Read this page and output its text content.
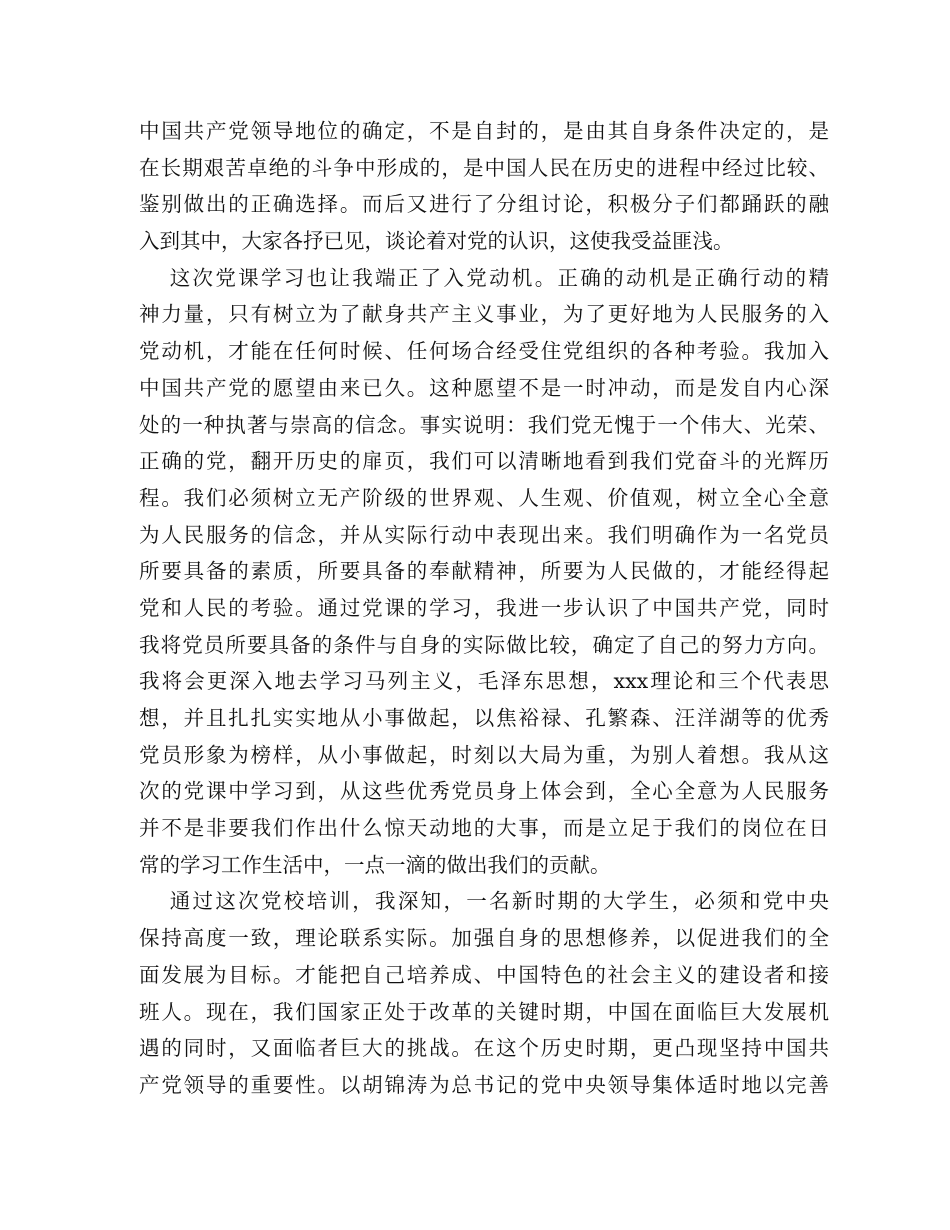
中国共产党领导地位的确定，不是自封的，是由其自身条件决定的，是
在长期艰苦卓绝的斗争中形成的，是中国人民在历史的进程中经过比较、
鉴别做出的正确选择。而后又进行了分组讨论，积极分子们都踊跃的融
入到其中，大家各抒已见，谈论着对党的认识，这使我受益匪浅。
这次党课学习也让我端正了入党动机。正确的动机是正确行动的精
神力量，只有树立为了献身共产主义事业，为了更好地为人民服务的入
党动机，才能在任何时候、任何场合经受住党组织的各种考验。我加入
中国共产党的愿望由来已久。这种愿望不是一时冲动，而是发自内心深
处的一种执著与崇高的信念。事实说明：我们党无愧于一个伟大、光荣、
正确的党，翻开历史的扉页，我们可以清晰地看到我们党奋斗的光辉历
程。我们必须树立无产阶级的世界观、人生观、价值观，树立全心全意
为人民服务的信念，并从实际行动中表现出来。我们明确作为一名党员
所要具备的素质，所要具备的奉献精神，所要为人民做的，才能经得起
党和人民的考验。通过党课的学习，我进一步认识了中国共产党，同时
我将党员所要具备的条件与自身的实际做比较，确定了自己的努力方向。
我将会更深入地去学习马列主义，毛泽东思想，xxx理论和三个代表思
想，并且扎扎实实地从小事做起，以焦裕禄、孔繁森、汪洋湖等的优秀
党员形象为榜样，从小事做起，时刻以大局为重，为别人着想。我从这
次的党课中学习到，从这些优秀党员身上体会到，全心全意为人民服务
并不是非要我们作出什么惊天动地的大事，而是立足于我们的岗位在日
常的学习工作生活中，一点一滴的做出我们的贡献。
通过这次党校培训，我深知，一名新时期的大学生，必须和党中央
保持高度一致，理论联系实际。加强自身的思想修养，以促进我们的全
面发展为目标。才能把自己培养成、中国特色的社会主义的建设者和接
班人。现在，我们国家正处于改革的关键时期，中国在面临巨大发展机
遇的同时，又面临者巨大的挑战。在这个历史时期，更凸现坚持中国共
产党领导的重要性。以胡锦涛为总书记的党中央领导集体适时地以完善
